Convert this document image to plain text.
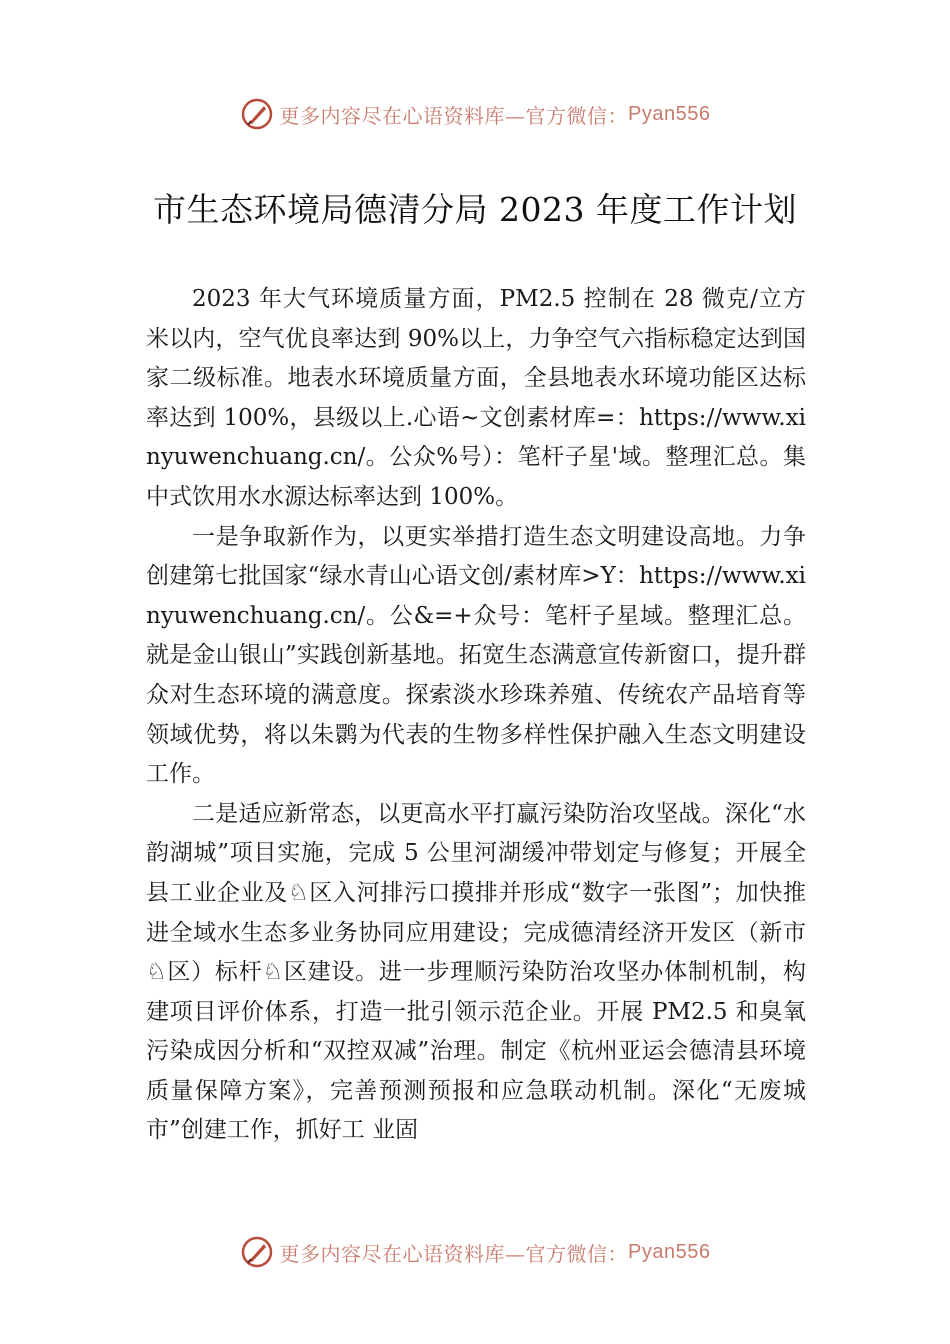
更多内容尽在心语资料库—官方微信： Pyan556
市生态环境局德清分局 2023 年度工作计划

2023 年大气环境质量方面，PM2.5 控制在 28 微克/立方米以内，空气优良率达到 90%以上，力争空气六指标稳定达到国家二级标准。地表水环境质量方面，全县地表水环境功能区达标率达到 100%，县级以上.心语~文创素材库=：https://www.xinyuwenchuang.cn/。公众%号）：笔杆子星'域。整理汇总。集中式饮用水水源达标率达到 100%。

一是争取新作为，以更实举措打造生态文明建设高地。力争创建第七批国家“绿水青山心语文创/素材库>Y：https://www.xinyuwenchuang.cn/。公&=+众号：笔杆子星域。整理汇总。就是金山银山”实践创新基地。拓宽生态满意宣传新窗口，提升群众对生态环境的满意度。探索淡水珍珠养殖、传统农产品培育等领域优势，将以朱鹮为代表的生物多样性保护融入生态文明建设工作。

二是适应新常态，以更高水平打赢污染防治攻坚战。深化“水韵湖城”项目实施，完成 5 公里河湖缓冲带划定与修复；开展全县工业企业及♘区入河排污口摸排并形成“数字一张图”；加快推进全域水生态多业务协同应用建设；完成德清经济开发区（新市♘区）标杆♘区建设。进一步理顺污染防治攻坚办体制机制，构建项目评价体系，打造一批引领示范企业。开展 PM2.5 和臭氧污染成因分析和“双控双减”治理。制定《杭州亚运会德清县环境质量保障方案》，完善预测预报和应急联动机制。深化“无废城市”创建工作，抓好工 业固

更多内容尽在心语资料库—官方微信： Pyan556
